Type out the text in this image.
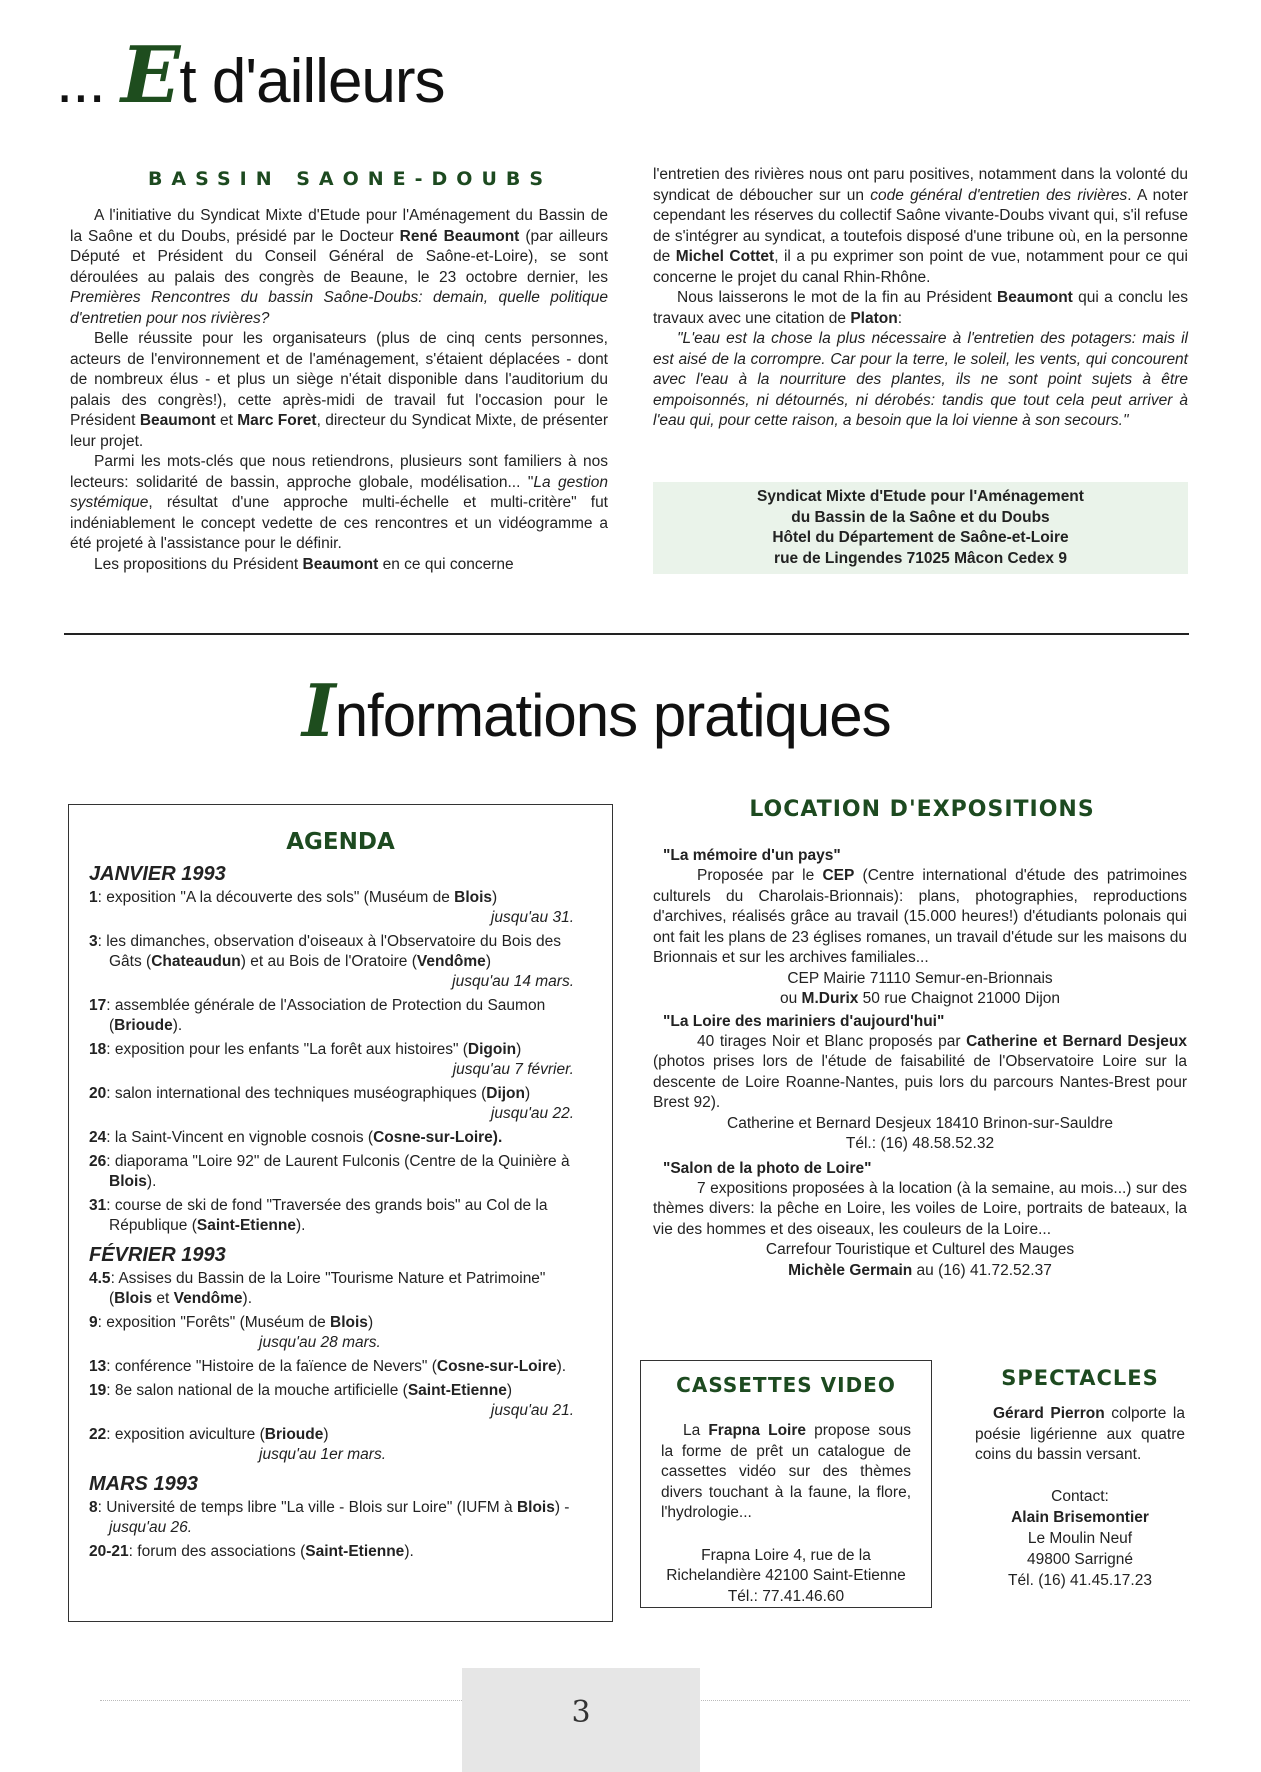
... Et d'ailleurs
BASSIN SAONE-DOUBS

A l'initiative du Syndicat Mixte d'Etude pour l'Aménagement du Bassin de la Saône et du Doubs, présidé par le Docteur René Beaumont (par ailleurs Député et Président du Conseil Général de Saône-et-Loire), se sont déroulées au palais des congrès de Beaune, le 23 octobre dernier, les Premières Rencontres du bassin Saône-Doubs: demain, quelle politique d'entretien pour nos rivières?

Belle réussite pour les organisateurs (plus de cinq cents personnes, acteurs de l'environnement et de l'aménagement, s'étaient déplacées - dont de nombreux élus - et plus un siège n'était disponible dans l'auditorium du palais des congrès!), cette après-midi de travail fut l'occasion pour le Président Beaumont et Marc Foret, directeur du Syndicat Mixte, de présenter leur projet.

Parmi les mots-clés que nous retiendrons, plusieurs sont familiers à nos lecteurs: solidarité de bassin, approche globale, modélisation... "La gestion systémique, résultat d'une approche multi-échelle et multi-critère" fut indéniablement le concept vedette de ces rencontres et un vidéogramme a été projeté à l'assistance pour le définir.

Les propositions du Président Beaumont en ce qui concerne

l'entretien des rivières nous ont paru positives, notamment dans la volonté du syndicat de déboucher sur un code général d'entretien des rivières. A noter cependant les réserves du collectif Saône vivante-Doubs vivant qui, s'il refuse de s'intégrer au syndicat, a toutefois disposé d'une tribune où, en la personne de Michel Cottet, il a pu exprimer son point de vue, notamment pour ce qui concerne le projet du canal Rhin-Rhône.

Nous laisserons le mot de la fin au Président Beaumont qui a conclu les travaux avec une citation de Platon:

"L'eau est la chose la plus nécessaire à l'entretien des potagers: mais il est aisé de la corrompre. Car pour la terre, le soleil, les vents, qui concourent avec l'eau à la nourriture des plantes, ils ne sont point sujets à être empoisonnés, ni détournés, ni dérobés: tandis que tout cela peut arriver à l'eau qui, pour cette raison, a besoin que la loi vienne à son secours."

Syndicat Mixte d'Etude pour l'Aménagement
du Bassin de la Saône et du Doubs
Hôtel du Département de Saône-et-Loire
rue de Lingendes 71025 Mâcon Cedex 9
Informations pratiques
AGENDA
JANVIER 1993
1: exposition "A la découverte des sols" (Muséum de Blois)
jusqu'au 31.
3: les dimanches, observation d'oiseaux à l'Observatoire du Bois des Gâts (Chateaudun) et au Bois de l'Oratoire (Vendôme)
jusqu'au 14 mars.
17: assemblée générale de l'Association de Protection du Saumon (Brioude).
18: exposition pour les enfants "La forêt aux histoires" (Digoin)
jusqu'au 7 février.
20: salon international des techniques muséographiques (Dijon)
jusqu'au 22.
24: la Saint-Vincent en vignoble cosnois (Cosne-sur-Loire).
26: diaporama "Loire 92" de Laurent Fulconis (Centre de la Quinière à Blois).
31: course de ski de fond "Traversée des grands bois" au Col de la République (Saint-Etienne).
FÉVRIER 1993
4.5: Assises du Bassin de la Loire "Tourisme Nature et Patrimoine" (Blois et Vendôme).
9: exposition "Forêts" (Muséum de Blois)
jusqu'au 28 mars.
13: conférence "Histoire de la faïence de Nevers" (Cosne-sur-Loire).
19: 8e salon national de la mouche artificielle (Saint-Etienne)
jusqu'au 21.
22: exposition aviculture (Brioude)
jusqu'au 1er mars.
MARS 1993
8: Université de temps libre "La ville - Blois sur Loire" (IUFM à Blois) - jusqu'au 26.
20-21: forum des associations (Saint-Etienne).
LOCATION D'EXPOSITIONS
"La mémoire d'un pays"
Proposée par le CEP (Centre international d'étude des patrimoines culturels du Charolais-Brionnais): plans, photographies, reproductions d'archives, réalisés grâce au travail (15.000 heures!) d'étudiants polonais qui ont fait les plans de 23 églises romanes, un travail d'étude sur les maisons du Brionnais et sur les archives familiales...
CEP Mairie 71110 Semur-en-Brionnais
ou M.Durix 50 rue Chaignot 21000 Dijon
"La Loire des mariniers d'aujourd'hui"
40 tirages Noir et Blanc proposés par Catherine et Bernard Desjeux (photos prises lors de l'étude de faisabilité de l'Observatoire Loire sur la descente de Loire Roanne-Nantes, puis lors du parcours Nantes-Brest pour Brest 92).
Catherine et Bernard Desjeux 18410 Brinon-sur-Sauldre
Tél.: (16) 48.58.52.32
"Salon de la photo de Loire"
7 expositions proposées à la location (à la semaine, au mois...) sur des thèmes divers: la pêche en Loire, les voiles de Loire, portraits de bateaux, la vie des hommes et des oiseaux, les couleurs de la Loire...
Carrefour Touristique et Culturel des Mauges
Michèle Germain au (16) 41.72.52.37
CASSETTES VIDEO
La Frapna Loire propose sous la forme de prêt un catalogue de cassettes vidéo sur des thèmes divers touchant à la faune, la flore, l'hydrologie...
Frapna Loire 4, rue de la
Richelandière 42100 Saint-Etienne
Tél.: 77.41.46.60
SPECTACLES
Gérard Pierron colporte la poésie ligérienne aux quatre coins du bassin versant.
Contact:
Alain Brisemontier
Le Moulin Neuf
49800 Sarrigné
Tél. (16) 41.45.17.23
3
